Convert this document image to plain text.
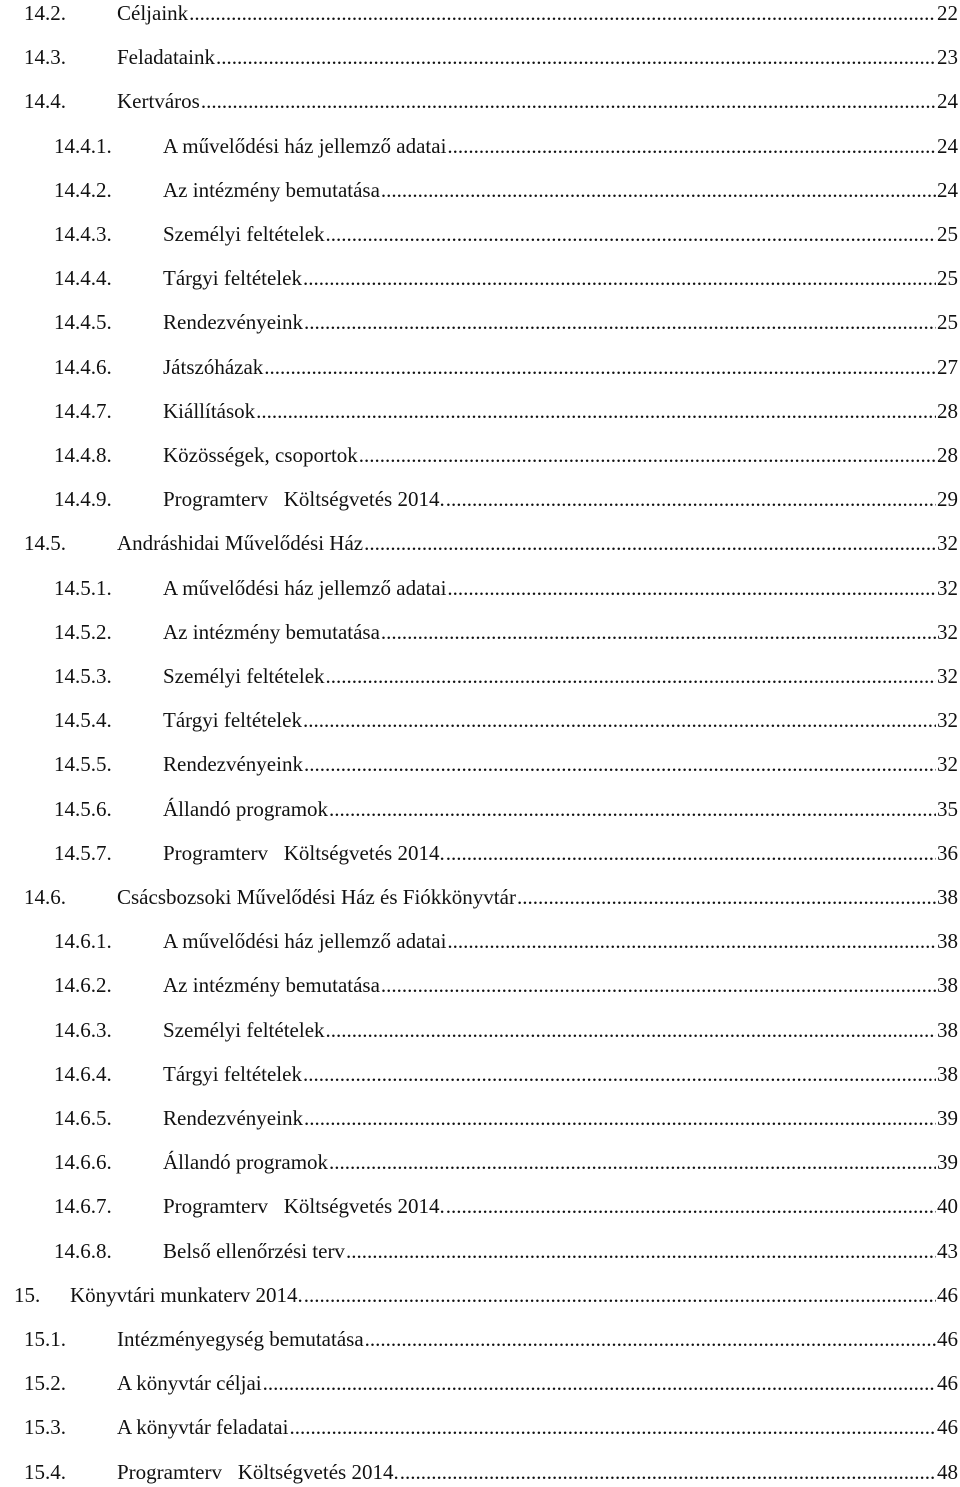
14.2. Céljaink .....	22
14.3. Feladataink .....	23
14.4. Kertváros .....	24
14.4.1. A művelődési ház jellemző adatai .....	24
14.4.2. Az intézmény bemutatása .....	24
14.4.3. Személyi feltételek .....	25
14.4.4. Tárgyi feltételek .....	25
14.4.5. Rendezvényeink .....	25
14.4.6. Játszóházak .....	27
14.4.7. Kiállítások .....	28
14.4.8. Közösségek, csoportok .....	28
14.4.9. Programterv   Költségvetés 2014. .....	29
14.5. Andráshidai Művelődési Ház .....	32
14.5.1. A művelődési ház jellemző adatai .....	32
14.5.2. Az intézmény bemutatása .....	32
14.5.3. Személyi feltételek .....	32
14.5.4. Tárgyi feltételek .....	32
14.5.5. Rendezvényeink .....	32
14.5.6. Állandó programok .....	35
14.5.7. Programterv   Költségvetés 2014. .....	36
14.6. Csácsbozsoki Művelődési Ház és Fiókkönyvtár .....	38
14.6.1. A művelődési ház jellemző adatai .....	38
14.6.2. Az intézmény bemutatása .....	38
14.6.3. Személyi feltételek .....	38
14.6.4. Tárgyi feltételek .....	38
14.6.5. Rendezvényeink .....	39
14.6.6. Állandó programok .....	39
14.6.7. Programterv   Költségvetés 2014. .....	40
14.6.8. Belső ellenőrzési terv .....	43
15. Könyvtári munkaterv 2014. .....	46
15.1. Intézményegység bemutatása .....	46
15.2. A könyvtár céljai .....	46
15.3. A könyvtár feladatai .....	46
15.4. Programterv   Költségvetés 2014. .....	48
